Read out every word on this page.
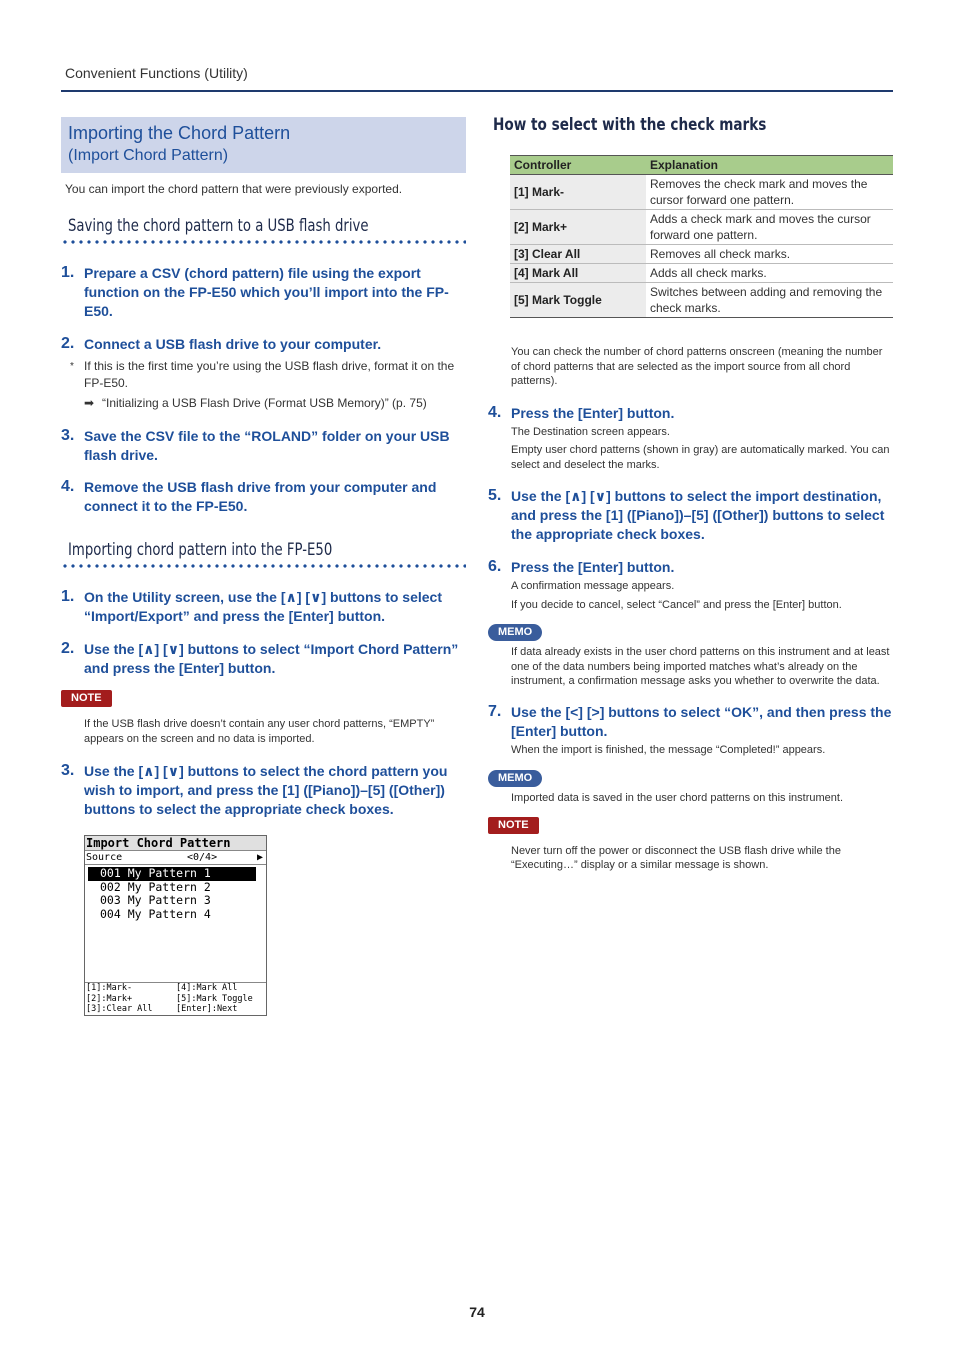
Convenient Functions (Utility)
Importing the Chord Pattern
(Import Chord Pattern)
You can import the chord pattern that were previously exported.
Saving the chord pattern to a USB flash drive
1. Prepare a CSV (chord pattern) file using the export function on the FP-E50 which you’ll import into the FP-E50.
2. Connect a USB flash drive to your computer.
* If this is the first time you’re using the USB flash drive, format it on the FP-E50.
➡ “Initializing a USB Flash Drive (Format USB Memory)” (p. 75)
3. Save the CSV file to the “ROLAND” folder on your USB flash drive.
4. Remove the USB flash drive from your computer and connect it to the FP-E50.
Importing chord pattern into the FP-E50
1. On the Utility screen, use the [∧] [∨] buttons to select “Import/Export” and press the [Enter] button.
2. Use the [∧] [∨] buttons to select “Import Chord Pattern” and press the [Enter] button.
NOTE
If the USB flash drive doesn’t contain any user chord patterns, “EMPTY” appears on the screen and no data is imported.
3. Use the [∧] [∨] buttons to select the chord pattern you wish to import, and press the [1] ([Piano])–[5] ([Other]) buttons to select the appropriate check boxes.
Import Chord Pattern
Source	<0/4>	▶
001 My Pattern 1
002 My Pattern 2
003 My Pattern 3
004 My Pattern 4
[1]:Mark-	[4]:Mark All
[2]:Mark+	[5]:Mark Toggle
[3]:Clear All	[Enter]:Next
How to select with the check marks
Controller	Explanation
[1] Mark-	Removes the check mark and moves the cursor forward one pattern.
[2] Mark+	Adds a check mark and moves the cursor forward one pattern.
[3] Clear All	Removes all check marks.
[4] Mark All	Adds all check marks.
[5] Mark Toggle	Switches between adding and removing the check marks.
You can check the number of chord patterns onscreen (meaning the number of chord patterns that are selected as the import source from all chord patterns).
4. Press the [Enter] button.
The Destination screen appears.
Empty user chord patterns (shown in gray) are automatically marked. You can select and deselect the marks.
5. Use the [∧] [∨] buttons to select the import destination, and press the [1] ([Piano])–[5] ([Other]) buttons to select the appropriate check boxes.
6. Press the [Enter] button.
A confirmation message appears.
If you decide to cancel, select “Cancel” and press the [Enter] button.
MEMO
If data already exists in the user chord patterns on this instrument and at least one of the data numbers being imported matches what’s already on the instrument, a confirmation message asks you whether to overwrite the data.
7. Use the [<] [>] buttons to select “OK”, and then press the [Enter] button.
When the import is finished, the message “Completed!” appears.
MEMO
Imported data is saved in the user chord patterns on this instrument.
NOTE
Never turn off the power or disconnect the USB flash drive while the “Executing…” display or a similar message is shown.
74
